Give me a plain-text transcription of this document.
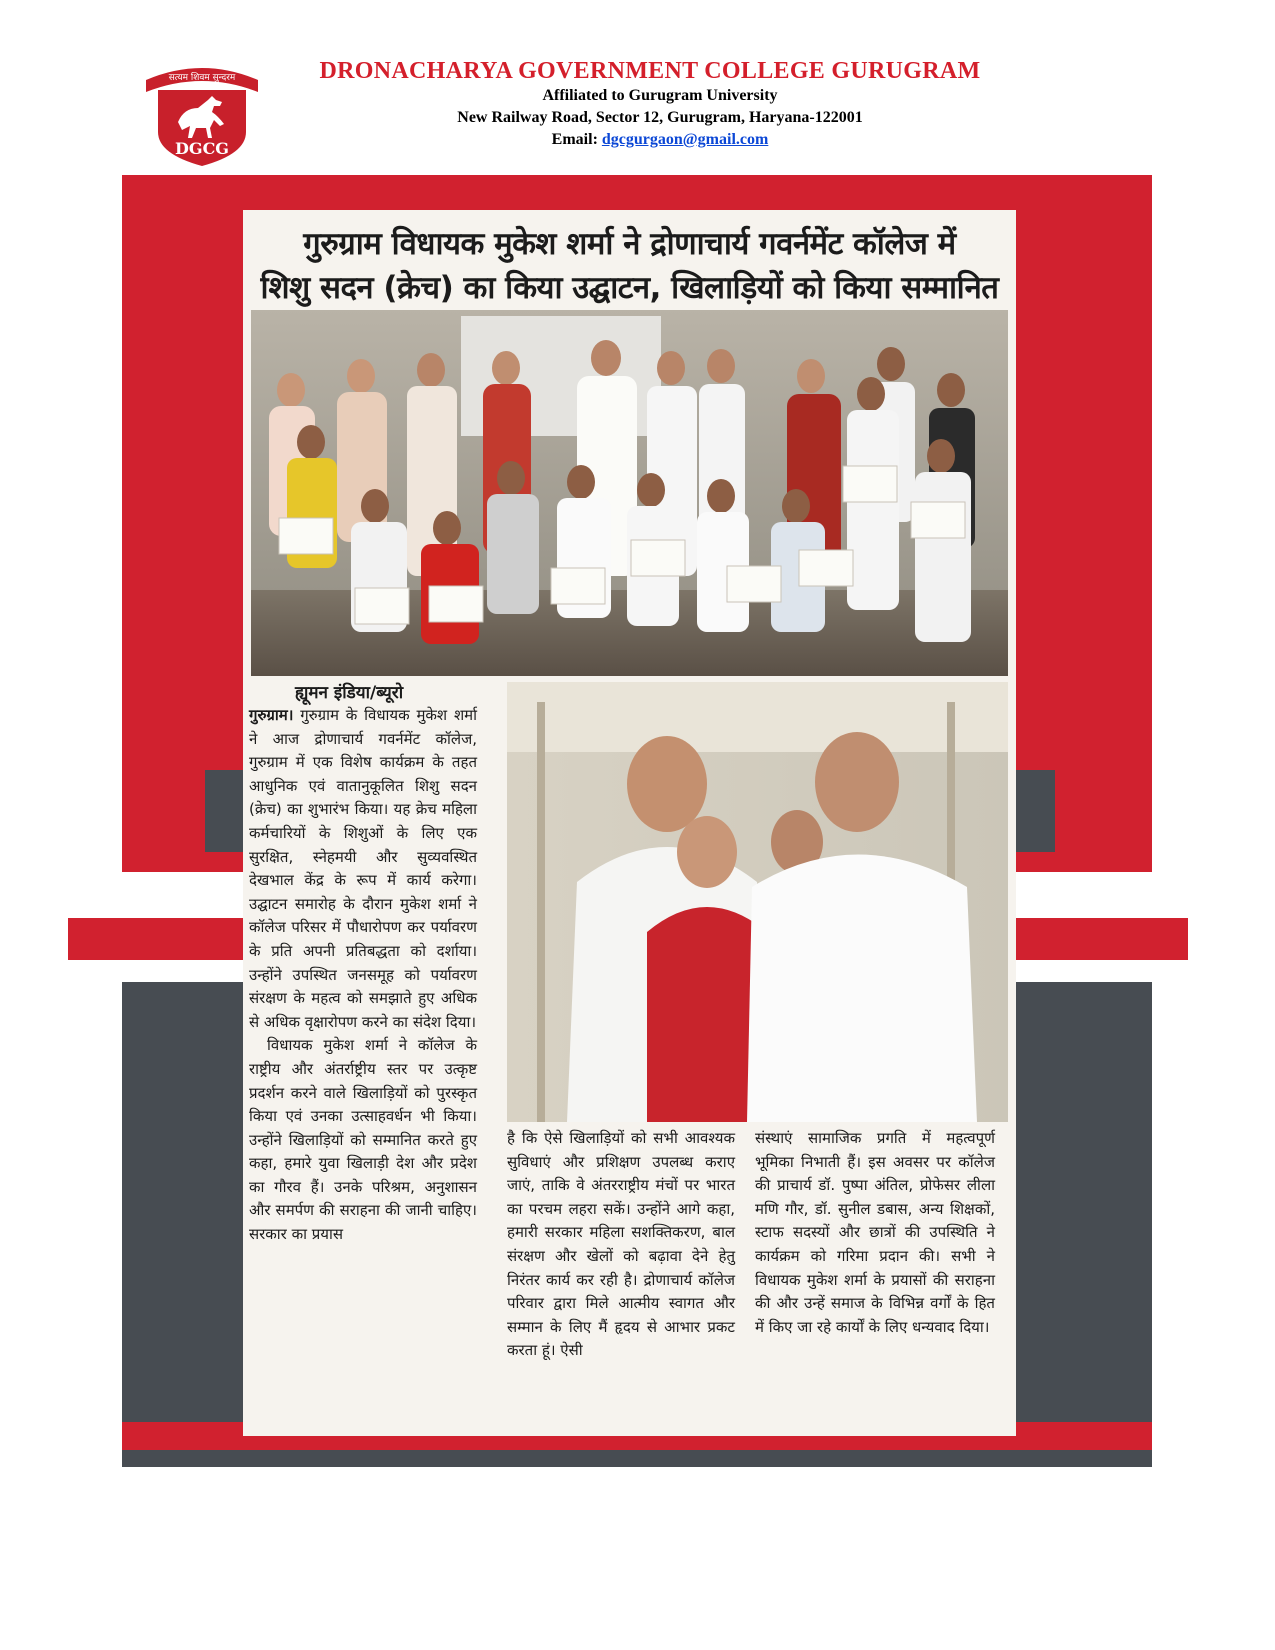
सत्यम शिवम सुन्दरम
DGCG
DRONACHARYA GOVERNMENT COLLEGE GURUGRAM
Affiliated to Gurugram University
New Railway Road, Sector 12, Gurugram, Haryana-122001
Email: dgcgurgaon@gmail.com
गुरुग्राम विधायक मुकेश शर्मा ने द्रोणाचार्य गवर्नमेंट कॉलेज में
शिशु सदन (क्रेच) का किया उद्घाटन, खिलाड़ियों को किया सम्मानित
ह्यूमन इंडिया/ब्यूरो

गुरुग्राम। गुरुग्राम के विधायक मुकेश शर्मा ने आज द्रोणाचार्य गवर्नमेंट कॉलेज, गुरुग्राम में एक विशेष कार्यक्रम के तहत आधुनिक एवं वातानुकूलित शिशु सदन (क्रेच) का शुभारंभ किया। यह क्रेच महिला कर्मचारियों के शिशुओं के लिए एक सुरक्षित, स्नेहमयी और सुव्यवस्थित देखभाल केंद्र के रूप में कार्य करेगा। उद्घाटन समारोह के दौरान मुकेश शर्मा ने कॉलेज परिसर में पौधारोपण कर पर्यावरण के प्रति अपनी प्रतिबद्धता को दर्शाया। उन्होंने उपस्थित जनसमूह को पर्यावरण संरक्षण के महत्व को समझाते हुए अधिक से अधिक वृक्षारोपण करने का संदेश दिया।

विधायक मुकेश शर्मा ने कॉलेज के राष्ट्रीय और अंतर्राष्ट्रीय स्तर पर उत्कृष्ट प्रदर्शन करने वाले खिलाड़ियों को पुरस्कृत किया एवं उनका उत्साहवर्धन भी किया। उन्होंने खिलाड़ियों को सम्मानित करते हुए कहा, हमारे युवा खिलाड़ी देश और प्रदेश का गौरव हैं। उनके परिश्रम, अनुशासन और समर्पण की सराहना की जानी चाहिए। सरकार का प्रयास

है कि ऐसे खिलाड़ियों को सभी आवश्यक सुविधाएं और प्रशिक्षण उपलब्ध कराए जाएं, ताकि वे अंतरराष्ट्रीय मंचों पर भारत का परचम लहरा सकें। उन्होंने आगे कहा, हमारी सरकार महिला सशक्तिकरण, बाल संरक्षण और खेलों को बढ़ावा देने हेतु निरंतर कार्य कर रही है। द्रोणाचार्य कॉलेज परिवार द्वारा मिले आत्मीय स्वागत और सम्मान के लिए मैं हृदय से आभार प्रकट करता हूं। ऐसी
संस्थाएं सामाजिक प्रगति में महत्वपूर्ण भूमिका निभाती हैं। इस अवसर पर कॉलेज की प्राचार्य डॉ. पुष्पा अंतिल, प्रोफेसर लीला मणि गौर, डॉ. सुनील डबास, अन्य शिक्षकों, स्टाफ सदस्यों और छात्रों की उपस्थिति ने कार्यक्रम को गरिमा प्रदान की। सभी ने विधायक मुकेश शर्मा के प्रयासों की सराहना की और उन्हें समाज के विभिन्न वर्गों के हित में किए जा रहे कार्यों के लिए धन्यवाद दिया।
